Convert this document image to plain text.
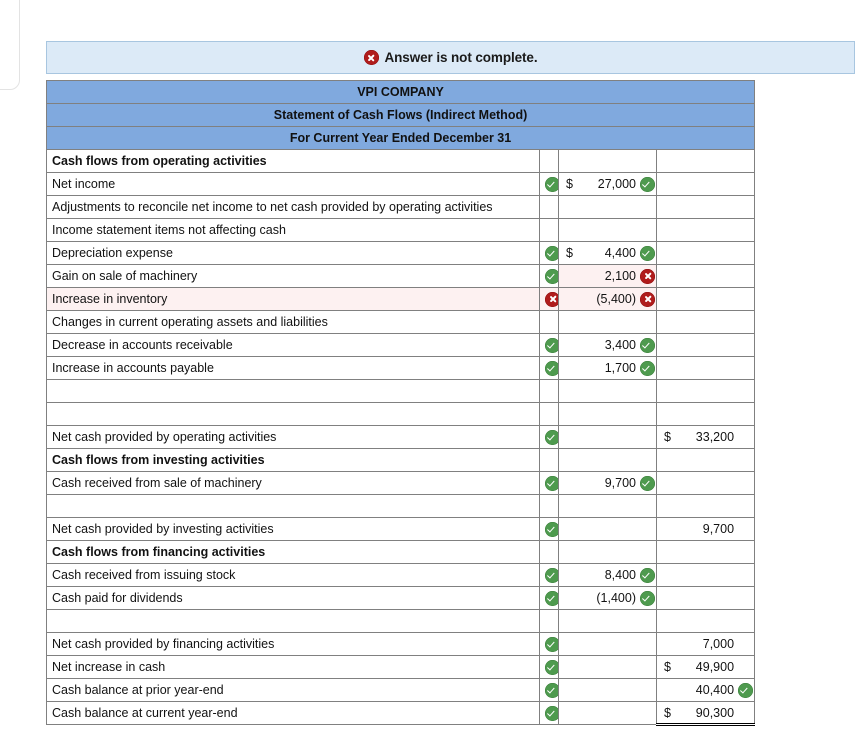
Answer is not complete.
VPI COMPANY			
Statement of Cash Flows (Indirect Method)			
For Current Year Ended December 31			

Cash flows from operating activities			

Net income		$ 27,000	

Adjustments to reconcile net income to net cash provided by operating activities			

Income statement items not affecting cash			

Depreciation expense		$ 4,400	

Gain on sale of machinery		2,100	

Increase in inventory		(5,400)	

Changes in current operating assets and liabilities			

Decrease in accounts receivable		3,400	

Increase in accounts payable		1,700	

Net cash provided by operating activities			$ 33,200

Cash flows from investing activities			

Cash received from sale of machinery		9,700	

Net cash provided by investing activities			9,700

Cash flows from financing activities			

Cash received from issuing stock		8,400	

Cash paid for dividends		(1,400)	

Net cash provided by financing activities			7,000

Net increase in cash			$ 49,900

Cash balance at prior year-end			40,400

Cash balance at current year-end			$ 90,300
